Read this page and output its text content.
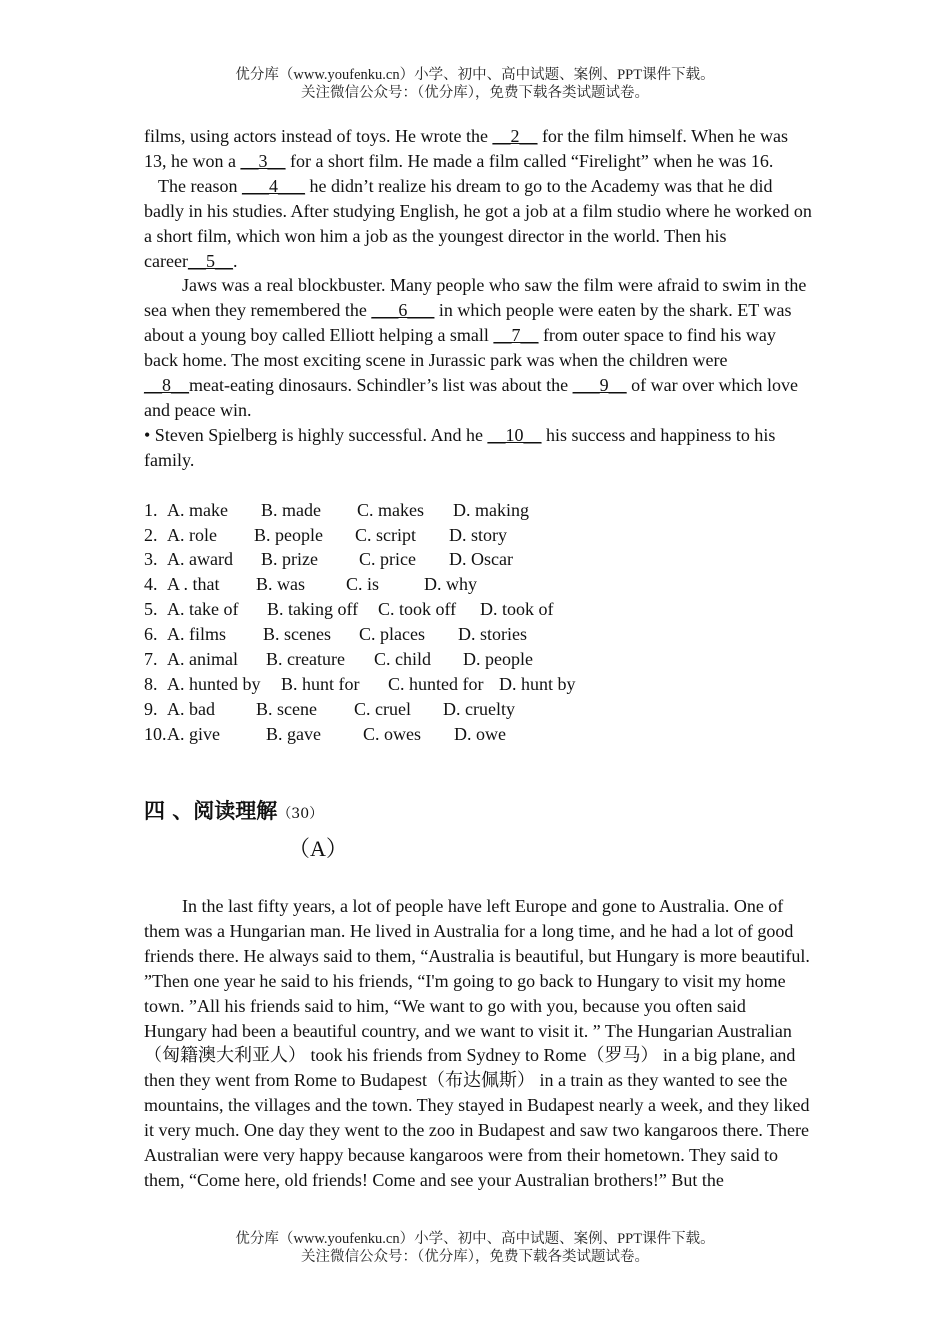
优分库（www.youfenku.cn）小学、初中、高中试题、案例、PPT课件下载。
关注微信公众号：（优分库），免费下载各类试题试卷。

films, using actors instead of toys. He wrote the __2__ for the film himself. When he was 13, he won a __3__ for a short film. He made a film called “Firelight” when he was 16.

The reason ___4___ he didn’t realize his dream to go to the Academy was that he did badly in his studies. After studying English, he got a job at a film studio where he worked on a short film, which won him a job as the youngest director in the world. Then his career__5__.

Jaws was a real blockbuster. Many people who saw the film were afraid to swim in the sea when they remembered the ___6___ in which people were eaten by the shark. ET was about a young boy called Elliott helping a small __7__ from outer space to find his way back home. The most exciting scene in Jurassic park was when the children were __8__meat-eating dinosaurs. Schindler’s list was about the ___9__ of war over which love and peace win.

• Steven Spielberg is highly successful. And he __10__ his success and happiness to his family.

1. A. make	B. made	C. makes	D. making
2. A. role	B. people	C. script	D. story
3. A. award	B. prize	C. price	D. Oscar
4. A . that	B. was	C. is	D. why
5. A. take of	B. taking off	C. took off	D. took of
6. A. films	B. scenes	C. places	D. stories
7. A. animal	B. creature	C. child	D. people
8. A. hunted by	B. hunt for	C. hunted for D. hunt by
9. A. bad	B. scene	C. cruel	D. cruelty
10. A. give	B. gave	C. owes	D. owe
四 、阅读理解（30）
（A）

In the last fifty years, a lot of people have left Europe and gone to Australia. One of them was a Hungarian man. He lived in Australia for a long time, and he had a lot of good friends there. He always said to them, “Australia is beautiful, but Hungary is more beautiful. ”Then one year he said to his friends, “I'm going to go back to Hungary to visit my home town. ”All his friends said to him, “We want to go with you, because you often said Hungary had been a beautiful country, and we want to visit it. ” The Hungarian Australian（匈籍澳大利亚人） took his friends from Sydney to Rome（罗马） in a big plane, and then they went from Rome to Budapest（布达佩斯） in a train as they wanted to see the mountains, the villages and the town. They stayed in Budapest nearly a week, and they liked it very much. One day they went to the zoo in Budapest and saw two kangaroos there. There Australian were very happy because kangaroos were from their hometown. They said to them, “Come here, old friends! Come and see your Australian brothers!” But the

优分库（www.youfenku.cn）小学、初中、高中试题、案例、PPT课件下载。
关注微信公众号：（优分库），免费下载各类试题试卷。
